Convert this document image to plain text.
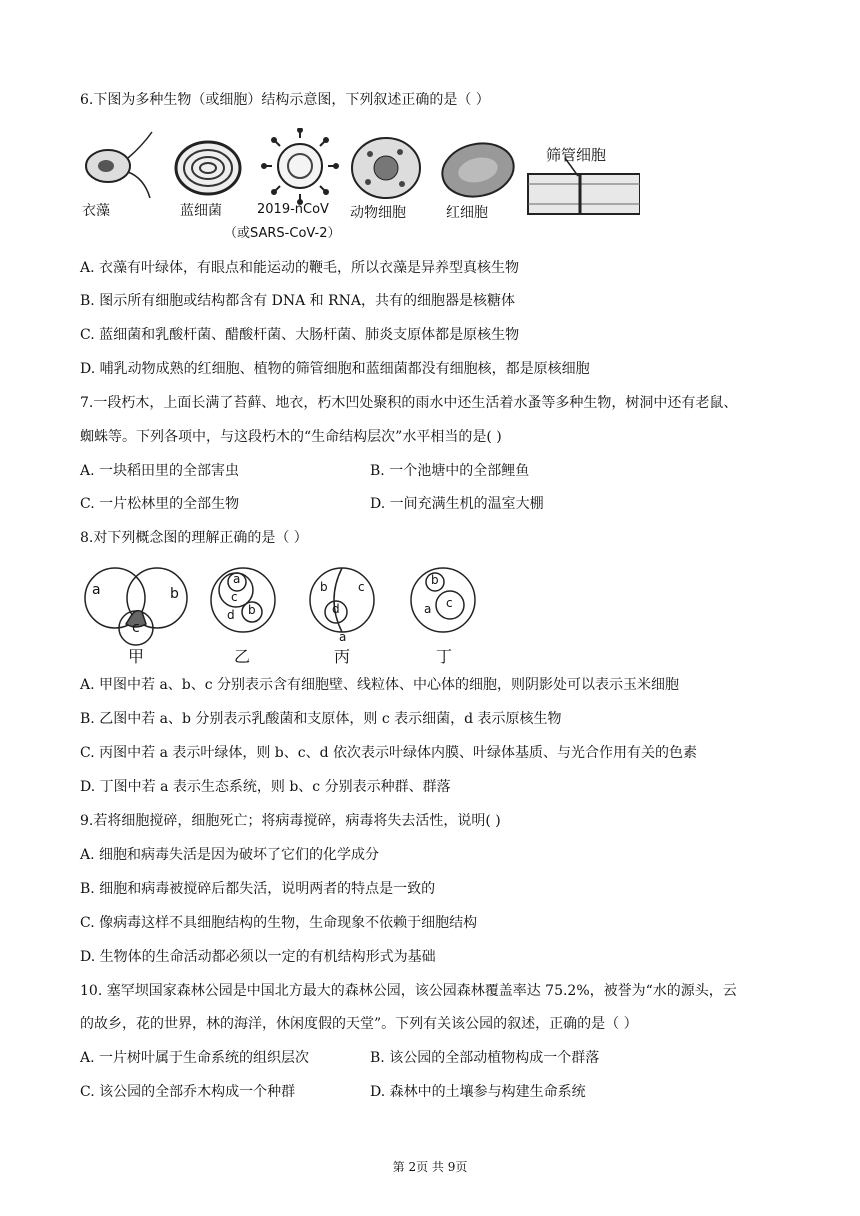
6.下图为多种生物（或细胞）结构示意图，下列叙述正确的是（ ）
衣藻	蓝细菌	2019-nCoV
（或SARS-CoV-2）
动物细胞	红细胞
筛管细胞
A. 衣藻有叶绿体，有眼点和能运动的鞭毛，所以衣藻是异养型真核生物
B. 图示所有细胞或结构都含有 DNA 和 RNA，共有的细胞器是核糖体
C. 蓝细菌和乳酸杆菌、醋酸杆菌、大肠杆菌、肺炎支原体都是原核生物
D. 哺乳动物成熟的红细胞、植物的筛管细胞和蓝细菌都没有细胞核，都是原核细胞
7.一段朽木，上面长满了苔藓、地衣，朽木凹处聚积的雨水中还生活着水蚤等多种生物，树洞中还有老鼠、
蜘蛛等。下列各项中，与这段朽木的“生命结构层次”水平相当的是( )
A. 一块稻田里的全部害虫	B. 一个池塘中的全部鲤鱼
C. 一片松林里的全部生物	D. 一间充满生机的温室大棚
8.对下列概念图的理解正确的是（ ）
a	b
c
a
c
b
d
b	c
d
a
b
a c
甲	乙	丙	丁
A. 甲图中若 a、b、c 分别表示含有细胞壁、线粒体、中心体的细胞，则阴影处可以表示玉米细胞
B. 乙图中若 a、b 分别表示乳酸菌和支原体，则 c 表示细菌，d 表示原核生物
C. 丙图中若 a 表示叶绿体，则 b、c、d 依次表示叶绿体内膜、叶绿体基质、与光合作用有关的色素
D. 丁图中若 a 表示生态系统，则 b、c 分别表示种群、群落
9.若将细胞搅碎，细胞死亡；将病毒搅碎，病毒将失去活性，说明( )
A. 细胞和病毒失活是因为破坏了它们的化学成分
B. 细胞和病毒被搅碎后都失活，说明两者的特点是一致的
C. 像病毒这样不具细胞结构的生物，生命现象不依赖于细胞结构
D. 生物体的生命活动都必须以一定的有机结构形式为基础
10. 塞罕坝国家森林公园是中国北方最大的森林公园，该公园森林覆盖率达 75.2%，被誉为“水的源头，云
的故乡，花的世界，林的海洋，休闲度假的天堂”。下列有关该公园的叙述，正确的是（ ）
A. 一片树叶属于生命系统的组织层次	B. 该公园的全部动植物构成一个群落
C. 该公园的全部乔木构成一个种群	D. 森林中的土壤参与构建生命系统
第 2页 共 9页
